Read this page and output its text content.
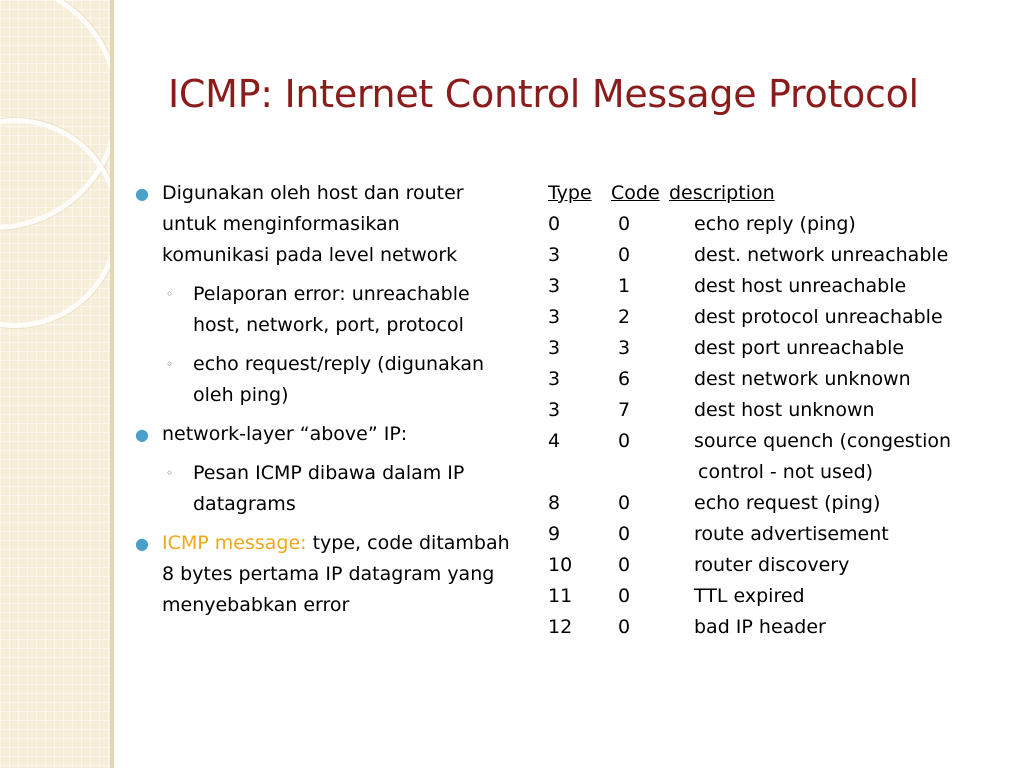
ICMP: Internet Control Message Protocol
● Digunakan oleh host dan router untuk menginformasikan komunikasi pada level network
◦ Pelaporan error: unreachable host, network, port, protocol
◦ echo request/reply (digunakan oleh ping)
● network-layer “above” IP:
◦ Pesan ICMP dibawa dalam IP datagrams
● ICMP message: type, code ditambah 8 bytes pertama IP datagram yang menyebabkan error
Type Code description
0	0	echo reply (ping)
3	0	dest. network unreachable
3	1	dest host unreachable
3	2	dest protocol unreachable
3	3	dest port unreachable
3	6	dest network unknown
3	7	dest host unknown
4	0	source quench (congestion
control - not used)
8	0	echo request (ping)
9	0	route advertisement
10 0	router discovery
11 0	TTL expired
12 0	bad IP header
